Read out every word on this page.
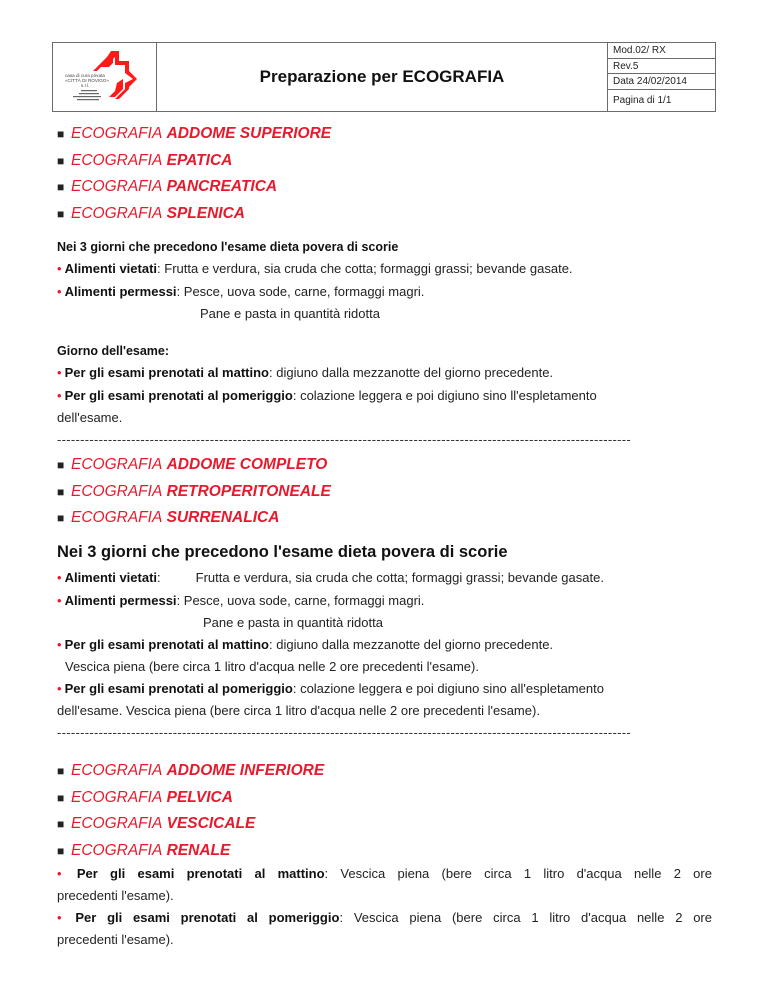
casa di cura privata
«CITTÀ DI ROVIGO»
s.r.l.	Preparazione per ECOGRAFIA
Mod.02/ RX
Rev.5
Data 24/02/2014
Pagina di 1/1
■ ECOGRAFIA ADDOME SUPERIORE
■ ECOGRAFIA EPATICA
■ ECOGRAFIA PANCREATICA
■ ECOGRAFIA SPLENICA
Nei 3 giorni che precedono l'esame dieta povera di scorie
• Alimenti vietati: Frutta e verdura, sia cruda che cotta; formaggi grassi; bevande gasate.
• Alimenti permessi: Pesce, uova sode, carne, formaggi magri.
Pane e pasta in quantità ridotta
Giorno dell'esame:
• Per gli esami prenotati al mattino: digiuno dalla mezzanotte del giorno precedente.
• Per gli esami prenotati al pomeriggio: colazione leggera e poi digiuno sino ll'espletamento
dell'esame.
----------------------------------------------------------------------------------------------------------------------------
■ ECOGRAFIA ADDOME COMPLETO
■ ECOGRAFIA RETROPERITONEALE
■ ECOGRAFIA SURRENALICA
Nei 3 giorni che precedono l'esame dieta povera di scorie
• Alimenti vietati:	Frutta e verdura, sia cruda che cotta; formaggi grassi; bevande gasate.
• Alimenti permessi: Pesce, uova sode, carne, formaggi magri.
Pane e pasta in quantità ridotta
• Per gli esami prenotati al mattino: digiuno dalla mezzanotte del giorno precedente.
Vescica piena (bere circa 1 litro d'acqua nelle 2 ore precedenti l'esame).
• Per gli esami prenotati al pomeriggio: colazione leggera e poi digiuno sino all'espletamento
dell'esame. Vescica piena (bere circa 1 litro d'acqua nelle 2 ore precedenti l'esame).
----------------------------------------------------------------------------------------------------------------------------
■ ECOGRAFIA ADDOME INFERIORE
■ ECOGRAFIA PELVICA
■ ECOGRAFIA VESCICALE
■ ECOGRAFIA RENALE
• Per gli esami prenotati al mattino: Vescica piena (bere circa 1 litro d'acqua nelle 2 ore
precedenti l'esame).
• Per gli esami prenotati al pomeriggio: Vescica piena (bere circa 1 litro d'acqua nelle 2 ore
precedenti l'esame).
